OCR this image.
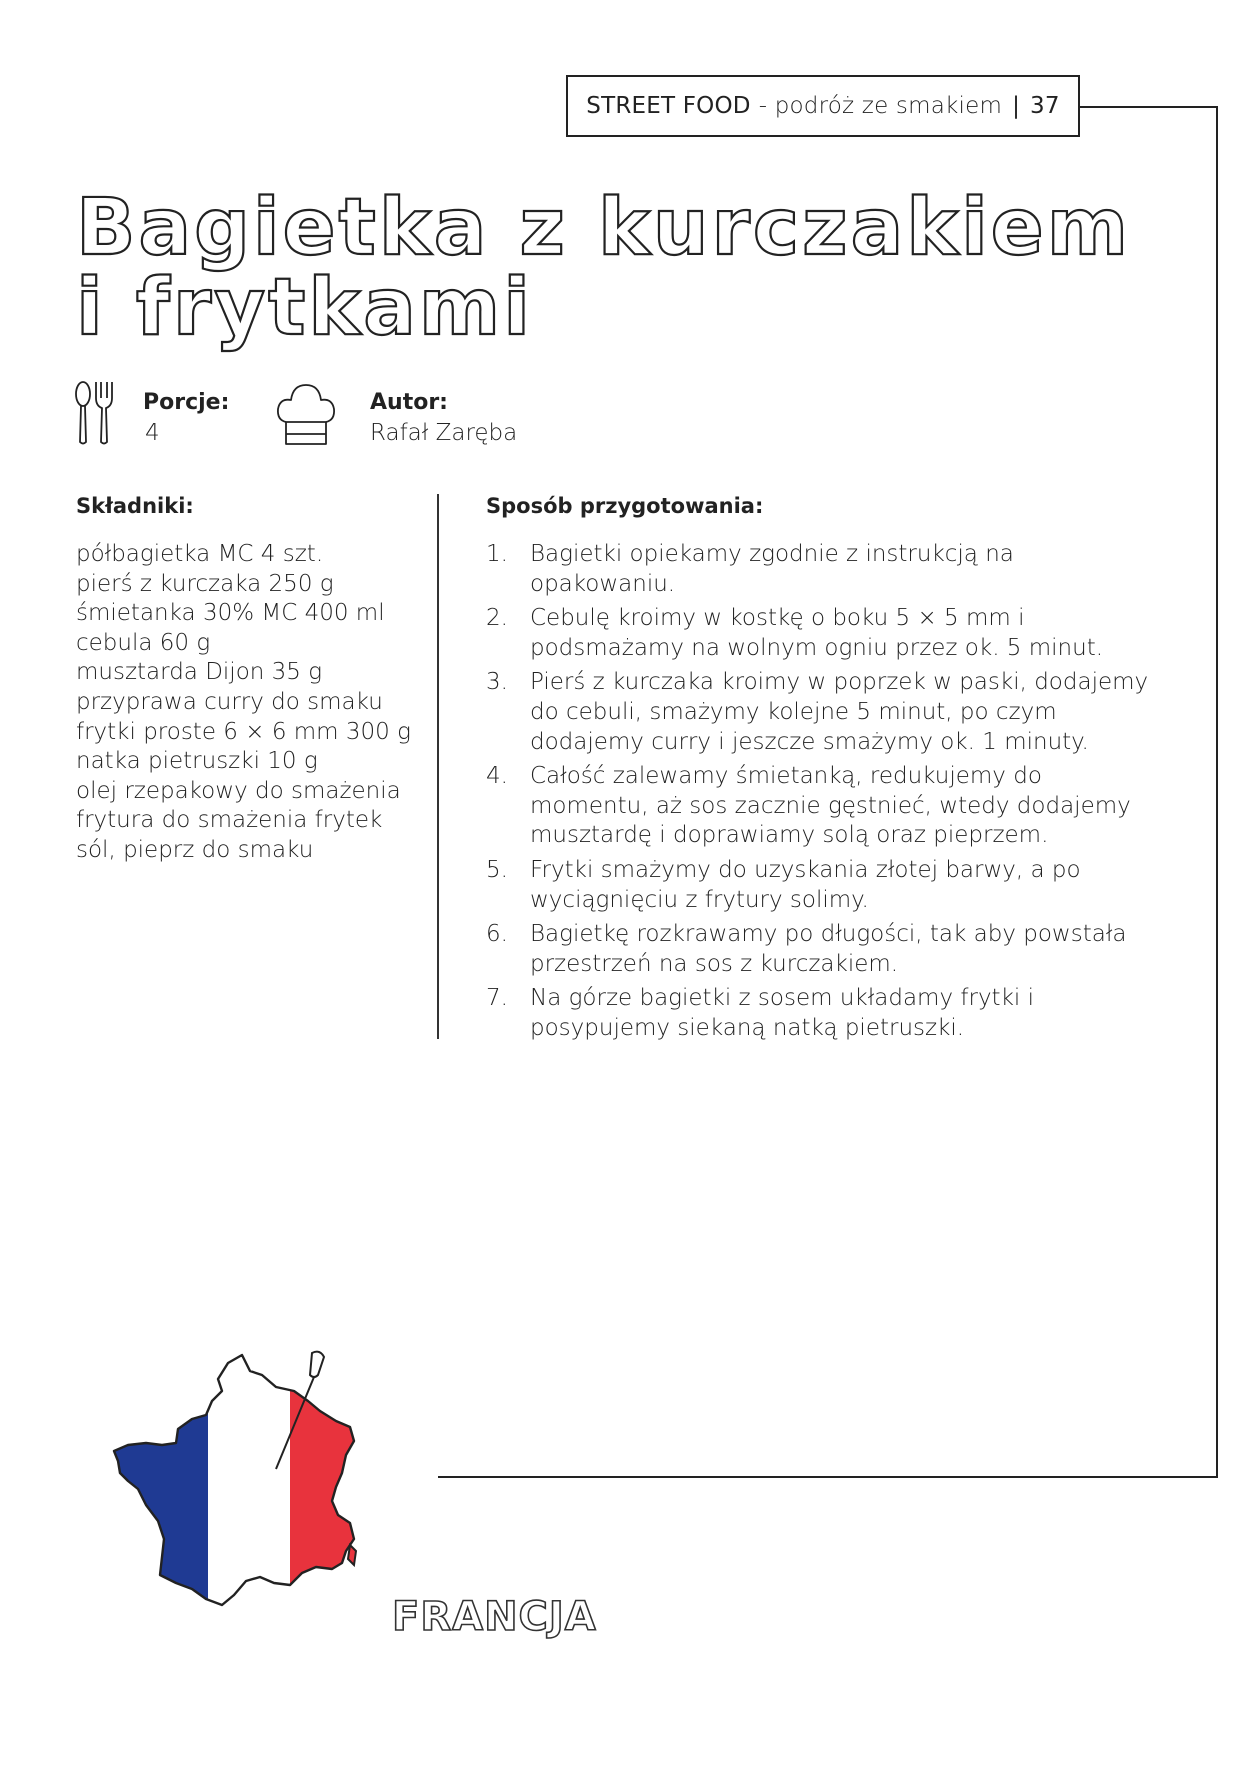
STREET FOOD - podróż ze smakiem | 37
Bagietka z kurczakiem
i frytkami
Porcje:
4
Autor:
Rafał Zaręba
Składniki:
półbagietka MC 4 szt.
pierś z kurczaka 250 g
śmietanka 30% MC 400 ml
cebula 60 g
musztarda Dijon 35 g
przyprawa curry do smaku
frytki proste 6 × 6 mm 300 g
natka pietruszki 10 g
olej rzepakowy do smażenia
frytura do smażenia frytek
sól, pieprz do smaku
Sposób przygotowania:
1. Bagietki opiekamy zgodnie z instrukcją na opakowaniu.
2. Cebulę kroimy w kostkę o boku 5 × 5 mm i podsmażamy na wolnym ogniu przez ok. 5 minut.
3. Pierś z kurczaka kroimy w poprzek w paski, dodajemy do cebuli, smażymy kolejne 5 minut, po czym dodajemy curry i jeszcze smażymy ok. 1 minuty.
4. Całość zalewamy śmietanką, redukujemy do momentu, aż sos zacznie gęstnieć, wtedy dodajemy musztardę i doprawiamy solą oraz pieprzem.
5. Frytki smażymy do uzyskania złotej barwy, a po wyciągnięciu z frytury solimy.
6. Bagietkę rozkrawamy po długości, tak aby powstała przestrzeń na sos z kurczakiem.
7. Na górze bagietki z sosem układamy frytki i posypujemy siekaną natką pietruszki.
FRANCJA
